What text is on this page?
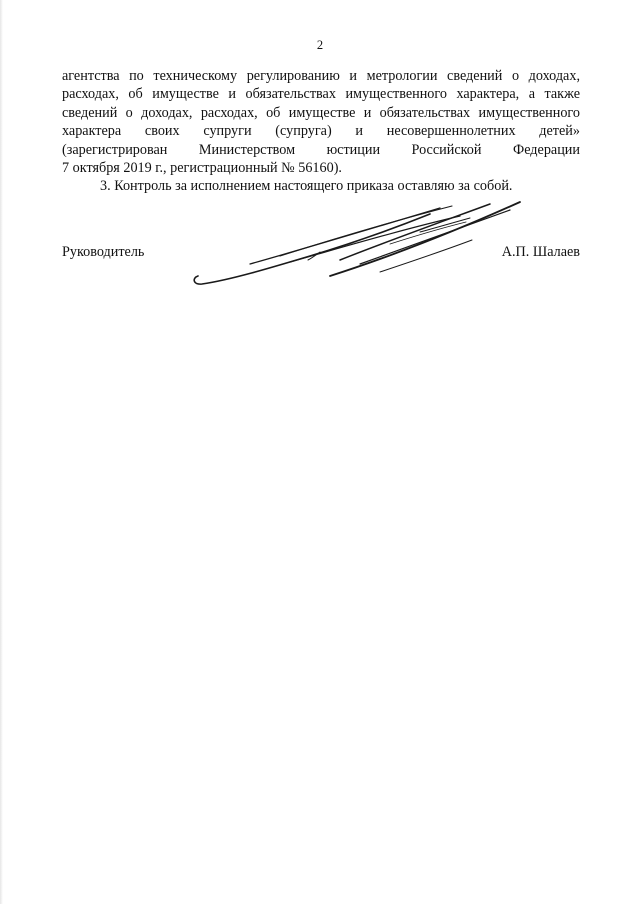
2
агентства по техническому регулированию и метрологии сведений о доходах,
расходах, об имуществе и обязательствах имущественного характера, а также
сведений о доходах, расходах, об имуществе и обязательствах имущественного
характера своих супруги (супруга) и несовершеннолетних детей»
(зарегистрирован Министерством юстиции Российской Федерации
7 октября 2019 г., регистрационный № 56160).
3. Контроль за исполнением настоящего приказа оставляю за собой.
Руководитель	А.П. Шалаев
